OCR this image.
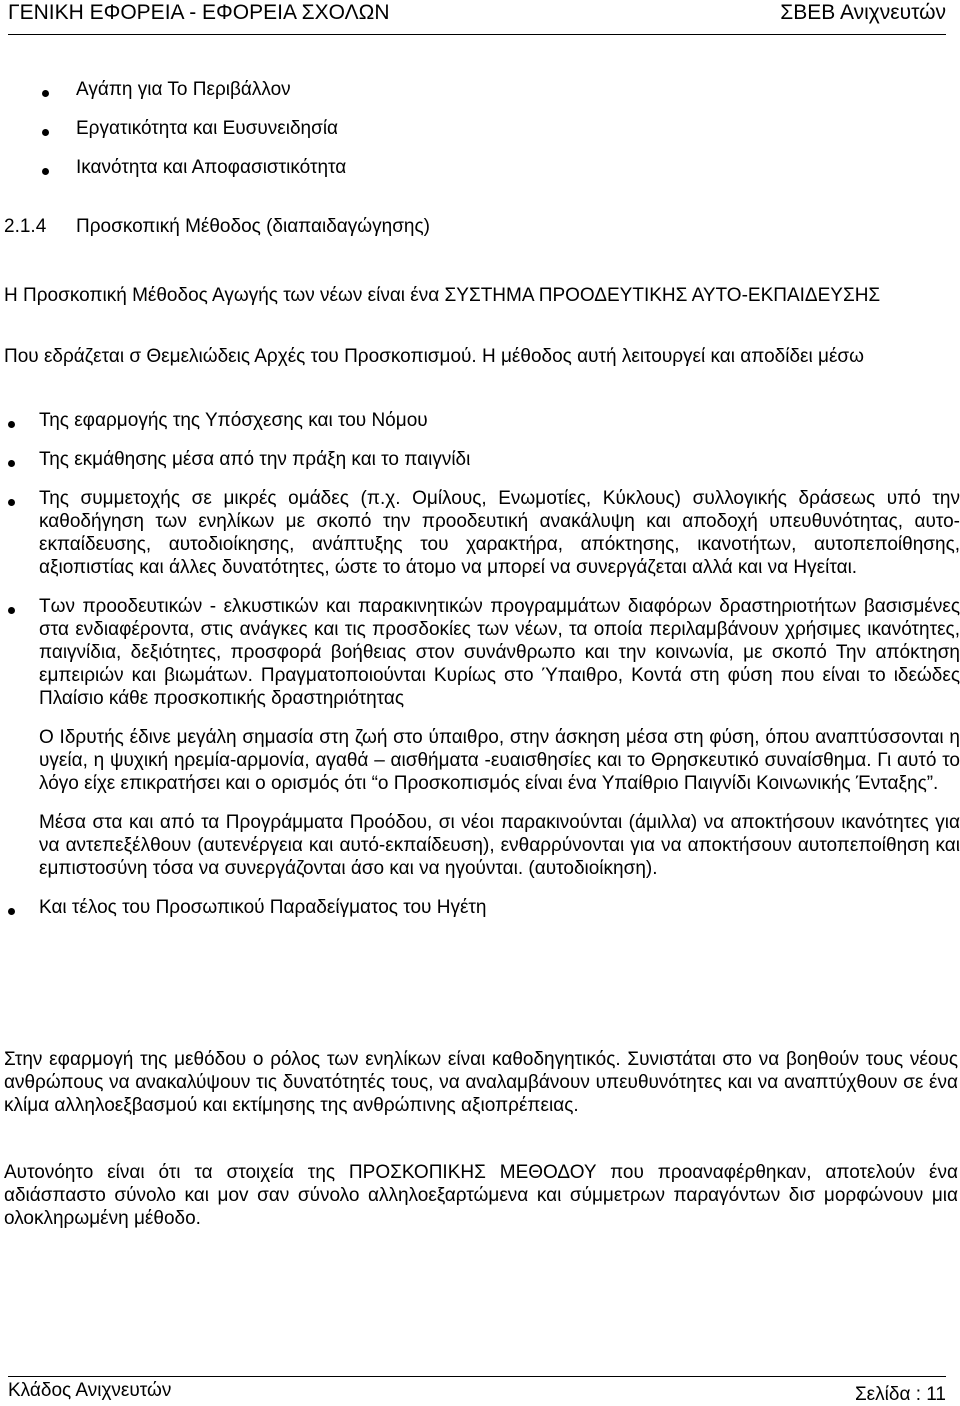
ΓΕΝΙΚΗ ΕΦΟΡΕΙΑ - ΕΦΟΡΕΙΑ ΣΧΟΛΩΝ	ΣΒΕΒ Ανιχνευτών
Αγάπη για Το Περιβάλλον
Εργατικότητα και Ευσυνειδησία
Ικανότητα και Αποφασιστικότητα
2.1.4 Προσκοπική Μέθοδος (διαπαιδαγώγησης)

Η Προσκοπική Μέθοδος Αγωγής των νέων είναι ένα ΣΥΣΤΗΜΑ ΠΡΟΟΔΕΥΤΙΚΗΣ ΑΥΤΟ-ΕΚΠΑΙΔΕΥΣΗΣ

Που εδράζεται σ Θεμελιώδεις Αρχές του Προσκοπισμού. Η μέθοδος αυτή λειτουργεί και αποδίδει μέσω

Της εφαρμογής της Υπόσχεσης και του Νόμου
Της εκμάθησης μέσα από την πράξη και το παιγνίδι
Της συμμετοχής σε μικρές ομάδες (π.χ. Ομίλους, Ενωμοτίες, Κύκλους) συλλογικής δράσεως υπό την καθοδήγηση των ενηλίκων με σκοπό την προοδευτική ανακάλυψη και αποδοχή υπευθυνότητας, αυτο-εκπαίδευσης, αυτοδιοίκησης, ανάπτυξης του χαρακτήρα, απόκτησης, ικανοτήτων, αυτοπεποίθησης, αξιοπιστίας και άλλες δυνατότητες, ώστε το άτομο να μπορεί να συνεργάζεται αλλά και να Ηγείται.
Των προοδευτικών - ελκυστικών και παρακινητικών προγραμμάτων διαφόρων δραστηριοτήτων βασισμένες στα ενδιαφέροντα, στις ανάγκες και τις προσδοκίες των νέων, τα οποία περιλαμβάνουν χρήσιμες ικανότητες, παιγνίδια, δεξιότητες, προσφορά βοήθειας στον συνάνθρωπο και την κοινωνία, με σκοπό Την απόκτηση εμπειριών και βιωμάτων. Πραγματοποιούνται Κυρίως στο Ύπαιθρο, Κοντά στη φύση που είναι το ιδεώδες Πλαίσιο κάθε προσκοπικής δραστηριότητας

Ο Ιδρυτής έδινε μεγάλη σημασία στη ζωή στο ύπαιθρο, στην άσκηση μέσα στη φύση, όπου αναπτύσσονται η υγεία, η ψυχική ηρεμία-αρμονία, αγαθά – αισθήματα -ευαισθησίες και το Θρησκευτικό συναίσθημα. Γι αυτό το λόγο είχε επικρατήσει και ο ορισμός ότι “ο Προσκοπισμός είναι ένα Υπαίθριο Παιγνίδι Κοινωνικής Ένταξης”.

Μέσα στα και από τα Προγράμματα Προόδου, σι νέοι παρακινούνται (άμιλλα) να αποκτήσουν ικανότητες για να αντεπεξέλθουν (αυτενέργεια και αυτό-εκπαίδευση), ενθαρρύνονται για να αποκτήσουν αυτοπεποίθηση και εμπιστοσύνη τόσα να συνεργάζονται άσο και να ηγούνται. (αυτοδιοίκηση).

Και τέλος του Προσωπικού Παραδείγματος του Ηγέτη

Στην εφαρμογή της μεθόδου ο ρόλος των ενηλίκων είναι καθοδηγητικός. Συνιστάται στο να βοηθούν τους νέους ανθρώπους να ανακαλύψουν τις δυνατότητές τους, να αναλαμβάνουν υπευθυνότητες και να αναπτύχθουν σε ένα κλίμα αλληλοεξβασμού και εκτίμησης της ανθρώπινης αξιοπρέπειας.

Αυτονόητο είναι ότι τα στοιχεία της ΠΡΟΣΚΟΠΙΚΗΣ ΜΕΘΟΔΟΥ που προαναφέρθηκαν, αποτελούν ένα αδιάσπαστο σύνολο και μοv σαν σύνολο αλληλοεξαρτώμενα και σύμμετρων παραγόντων δισ μορφώνουν μια ολοκληρωμένη μέθοδο.

Κλάδος Ανιχνευτών	Σελίδα : 11
